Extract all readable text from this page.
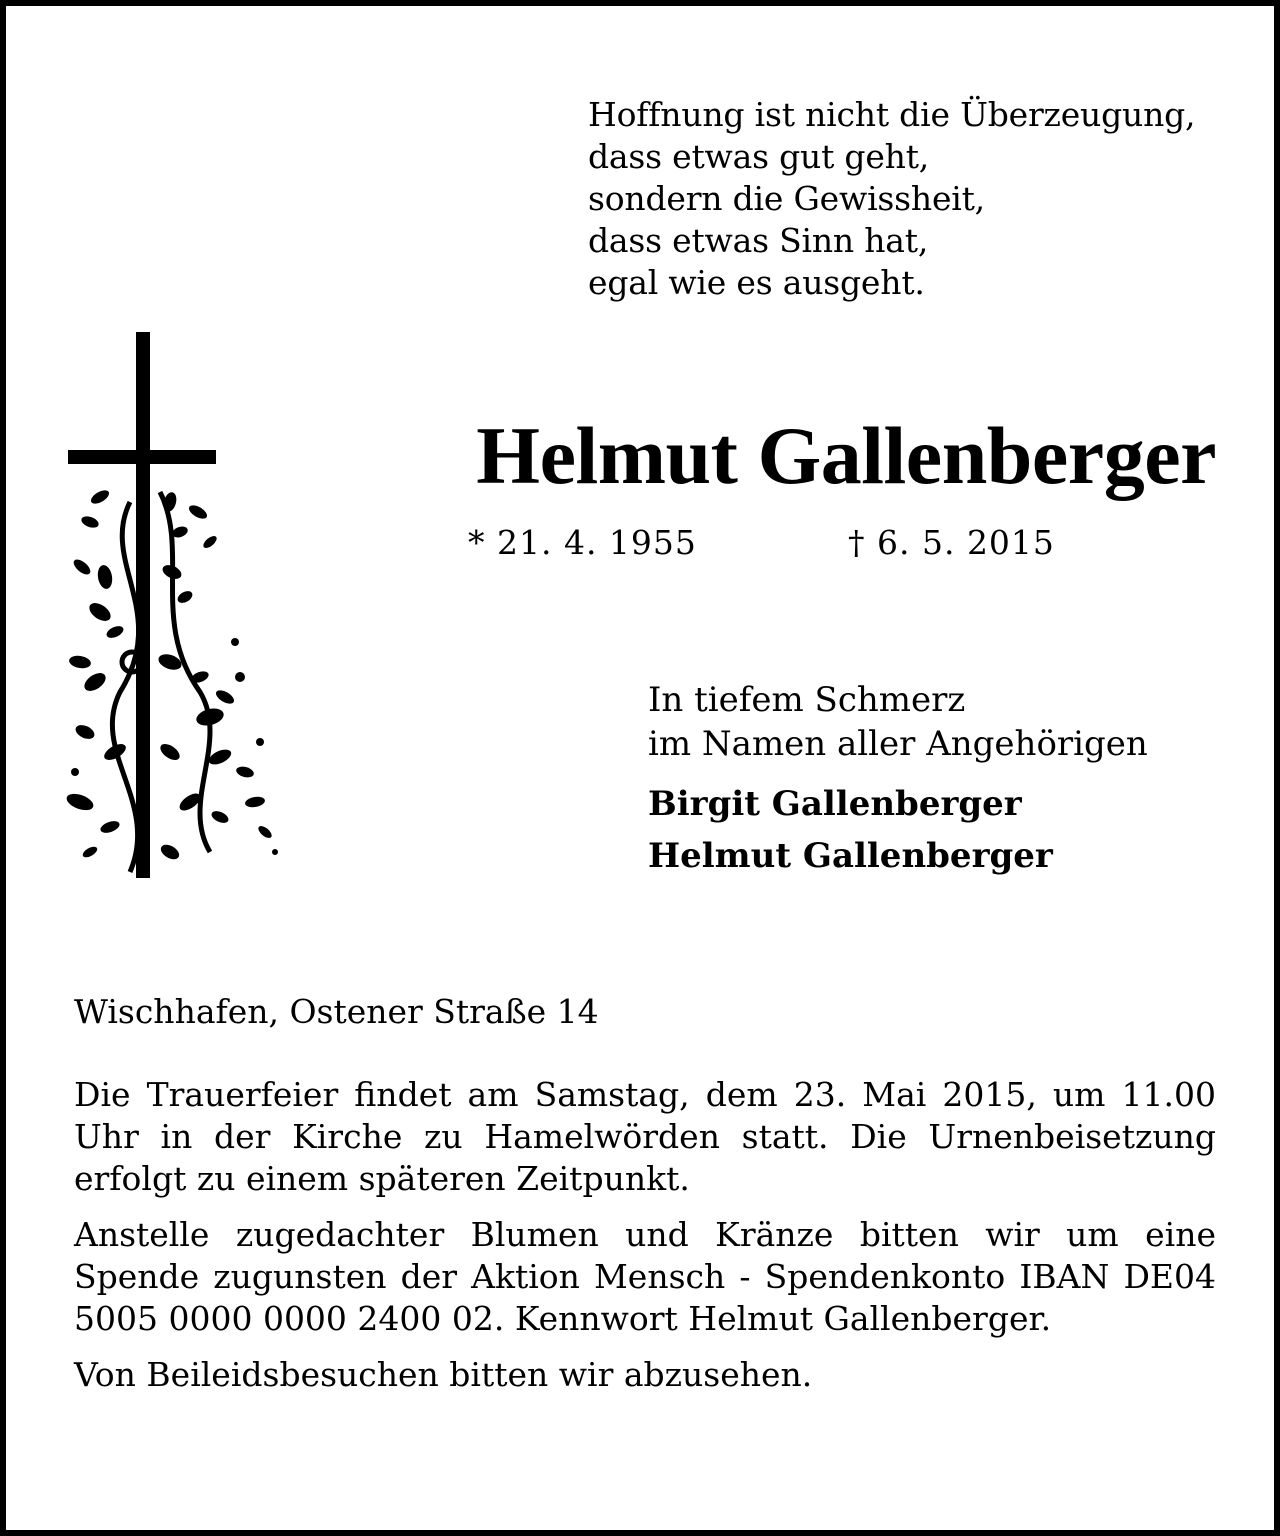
Hoffnung ist nicht die Überzeugung,
dass etwas gut geht,
sondern die Gewissheit,
dass etwas Sinn hat,
egal wie es ausgeht.
Helmut Gallenberger
* 21. 4. 1955	† 6. 5. 2015
In tiefem Schmerz
im Namen aller Angehörigen
Birgit Gallenberger
Helmut Gallenberger
Wischhafen, Ostener Straße 14

Die Trauerfeier findet am Samstag, dem 23. Mai 2015, um 11.00 Uhr in der Kirche zu Hamelwörden statt. Die Urnenbeisetzung erfolgt zu einem späteren Zeitpunkt.

Anstelle zugedachter Blumen und Kränze bitten wir um eine Spende zugunsten der Aktion Mensch - Spendenkonto IBAN DE04 5005 0000 0000 2400 02. Kennwort Helmut Gallenberger.

Von Beileidsbesuchen bitten wir abzusehen.
